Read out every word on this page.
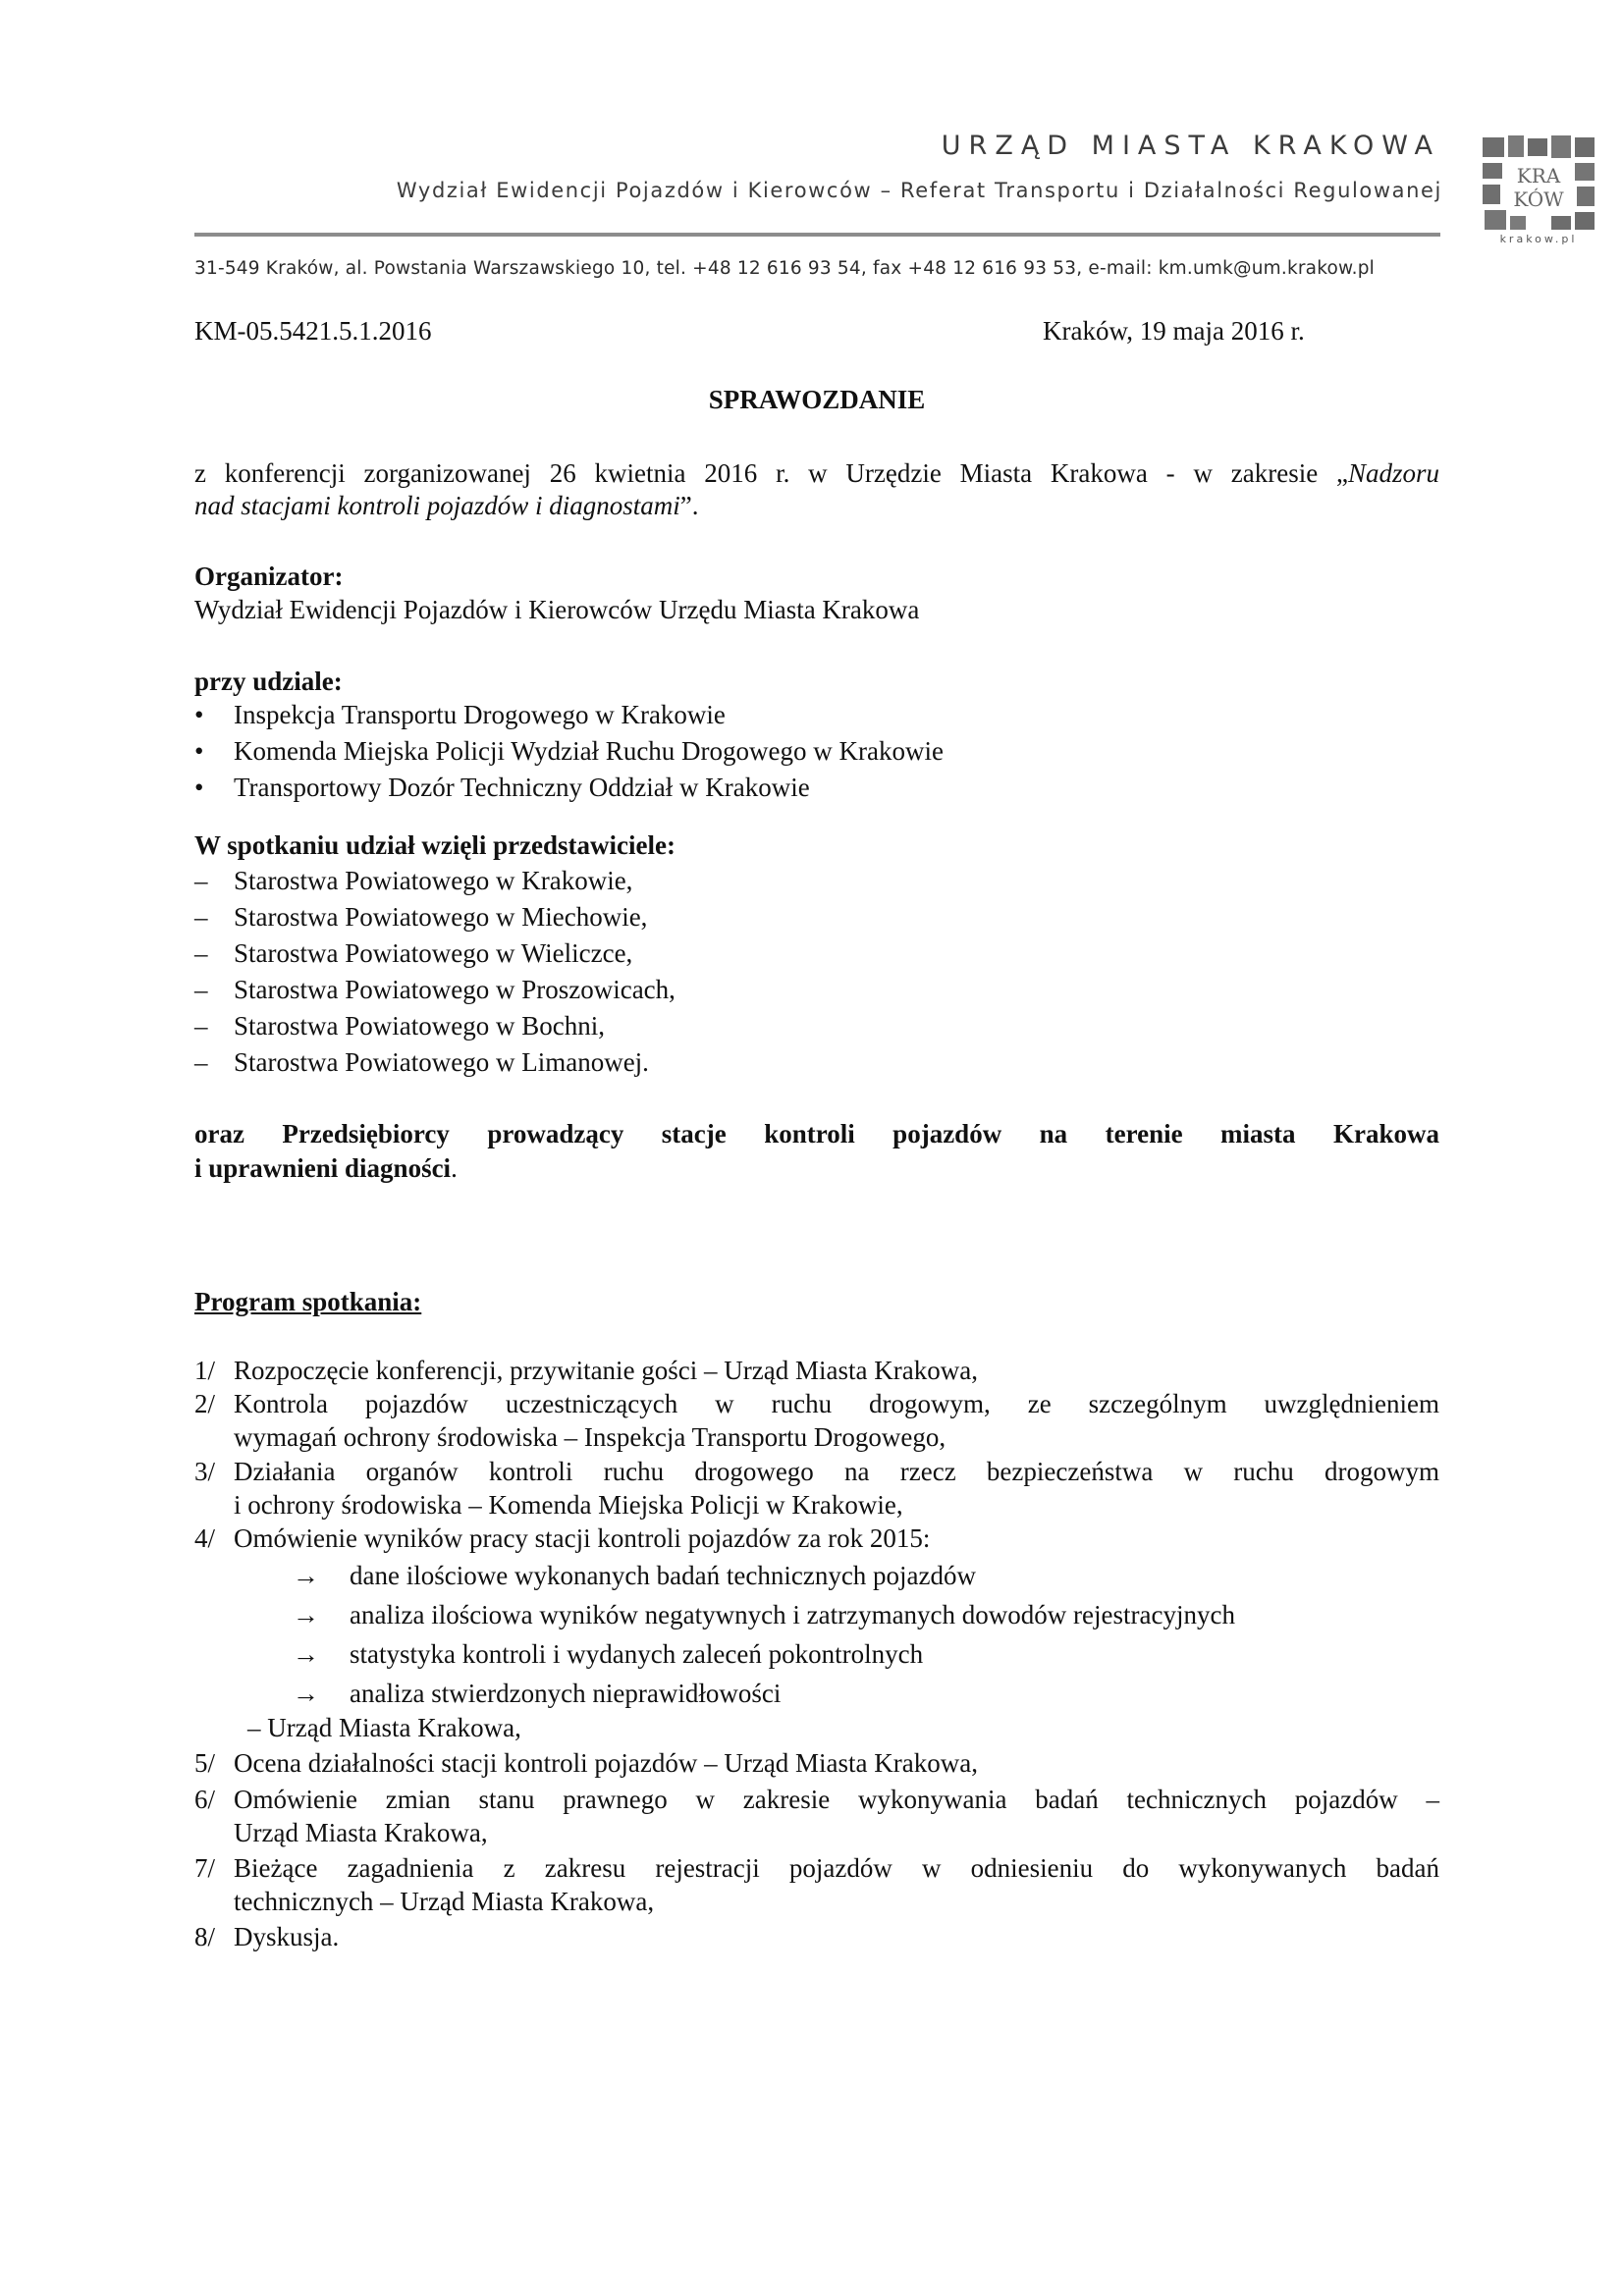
URZĄD MIASTA KRAKOWA
Wydział Ewidencji Pojazdów i Kierowców – Referat Transportu i Działalności Regulowanej
31-549 Kraków, al. Powstania Warszawskiego 10, tel. +48 12 616 93 54, fax +48 12 616 93 53, e-mail: km.umk@um.krakow.pl
KRA
KÓW
krakow.pl
KM-05.5421.5.1.2016	Kraków, 19 maja 2016 r.
SPRAWOZDANIE
z konferencji zorganizowanej 26 kwietnia 2016 r. w Urzędzie Miasta Krakowa - w zakresie „Nadzoru
nad stacjami kontroli pojazdów i diagnostami”.
Organizator:
Wydział Ewidencji Pojazdów i Kierowców Urzędu Miasta Krakowa
przy udziale:
• Inspekcja Transportu Drogowego w Krakowie
• Komenda Miejska Policji Wydział Ruchu Drogowego w Krakowie
• Transportowy Dozór Techniczny Oddział w Krakowie
W spotkaniu udział wzięli przedstawiciele:
– Starostwa Powiatowego w Krakowie,
– Starostwa Powiatowego w Miechowie,
– Starostwa Powiatowego w Wieliczce,
– Starostwa Powiatowego w Proszowicach,
– Starostwa Powiatowego w Bochni,
– Starostwa Powiatowego w Limanowej.
oraz Przedsiębiorcy prowadzący stacje kontroli pojazdów na terenie miasta Krakowa
i uprawnieni diagności.
Program spotkania:
1/ Rozpoczęcie konferencji, przywitanie gości – Urząd Miasta Krakowa,
2/ Kontrola pojazdów uczestniczących w ruchu drogowym, ze szczególnym uwzględnieniem
wymagań ochrony środowiska – Inspekcja Transportu Drogowego,
3/ Działania organów kontroli ruchu drogowego na rzecz bezpieczeństwa w ruchu drogowym
i ochrony środowiska – Komenda Miejska Policji w Krakowie,
4/ Omówienie wyników pracy stacji kontroli pojazdów za rok 2015:
→ dane ilościowe wykonanych badań technicznych pojazdów
→ analiza ilościowa wyników negatywnych i zatrzymanych dowodów rejestracyjnych
→ statystyka kontroli i wydanych zaleceń pokontrolnych
→ analiza stwierdzonych nieprawidłowości
– Urząd Miasta Krakowa,
5/ Ocena działalności stacji kontroli pojazdów – Urząd Miasta Krakowa,
6/ Omówienie zmian stanu prawnego w zakresie wykonywania badań technicznych pojazdów –
Urząd Miasta Krakowa,
7/ Bieżące zagadnienia z zakresu rejestracji pojazdów w odniesieniu do wykonywanych badań
technicznych – Urząd Miasta Krakowa,
8/ Dyskusja.
